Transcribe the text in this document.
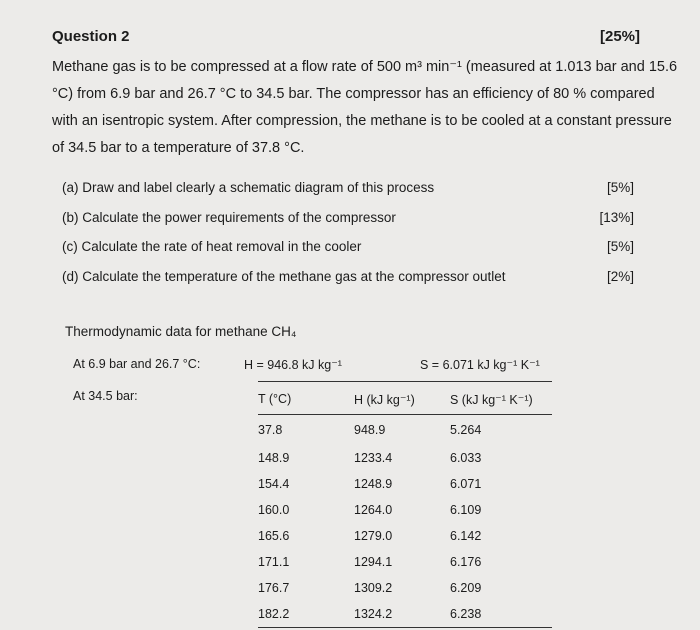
Question 2	[25%]
Methane gas is to be compressed at a flow rate of 500 m³ min⁻¹ (measured at 1.013 bar and 15.6
°C) from 6.9 bar and 26.7 °C to 34.5 bar. The compressor has an efficiency of 80 % compared
with an isentropic system. After compression, the methane is to be cooled at a constant pressure
of 34.5 bar to a temperature of 37.8 °C.
(a) Draw and label clearly a schematic diagram of this process	[5%]
(b) Calculate the power requirements of the compressor	[13%]
(c) Calculate the rate of heat removal in the cooler	[5%]
(d) Calculate the temperature of the methane gas at the compressor outlet	[2%]
Thermodynamic data for methane CH₄
At 6.9 bar and 26.7 °C:	H = 946.8 kJ kg⁻¹	S = 6.071 kJ kg⁻¹ K⁻¹
At 34.5 bar:	T (°C)	H (kJ kg⁻¹)	S (kJ kg⁻¹ K⁻¹)
37.8	948.9	5.264
148.9	1233.4	6.033
154.4	1248.9	6.071
160.0	1264.0	6.109
165.6	1279.0	6.142
171.1	1294.1	6.176
176.7	1309.2	6.209
182.2	1324.2	6.238
